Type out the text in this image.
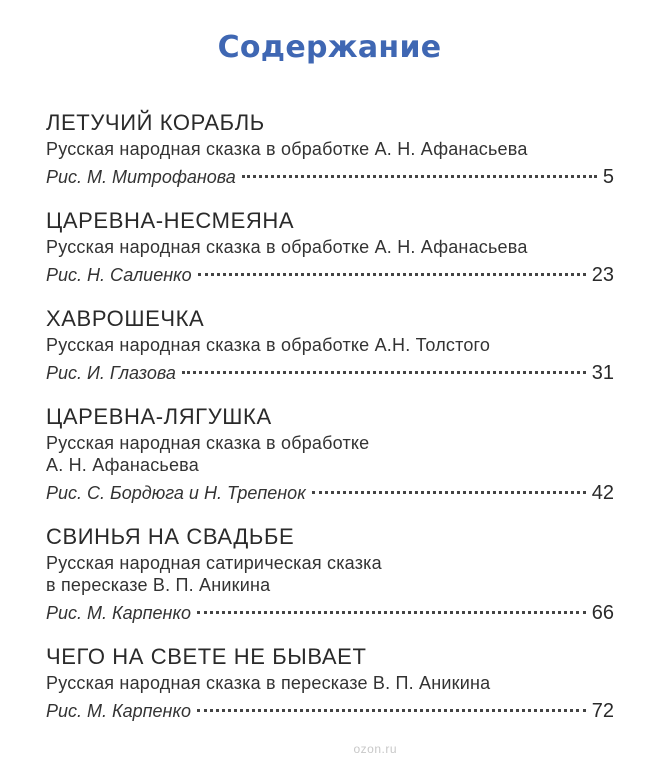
Содержание
ЛЕТУЧИЙ КОРАБЛЬ
Русская народная сказка в обработке А. Н. Афанасьева
Рис. М. Митрофанова	5
ЦАРЕВНА-НЕСМЕЯНА
Русская народная сказка в обработке А. Н. Афанасьева
Рис. Н. Салиенко	23
ХАВРОШЕЧКА
Русская народная сказка в обработке А.Н. Толстого
Рис. И. Глазова	31
ЦАРЕВНА-ЛЯГУШКА
Русская народная сказка в обработке
А. Н. Афанасьева
Рис. С. Бордюга и Н. Трепенок	42
СВИНЬЯ НА СВАДЬБЕ
Русская народная сатирическая сказка
в пересказе В. П. Аникина
Рис. М. Карпенко	66
ЧЕГО НА СВЕТЕ НЕ БЫВАЕТ
Русская народная сказка в пересказе В. П. Аникина
Рис. М. Карпенко	72
ozon.ru
